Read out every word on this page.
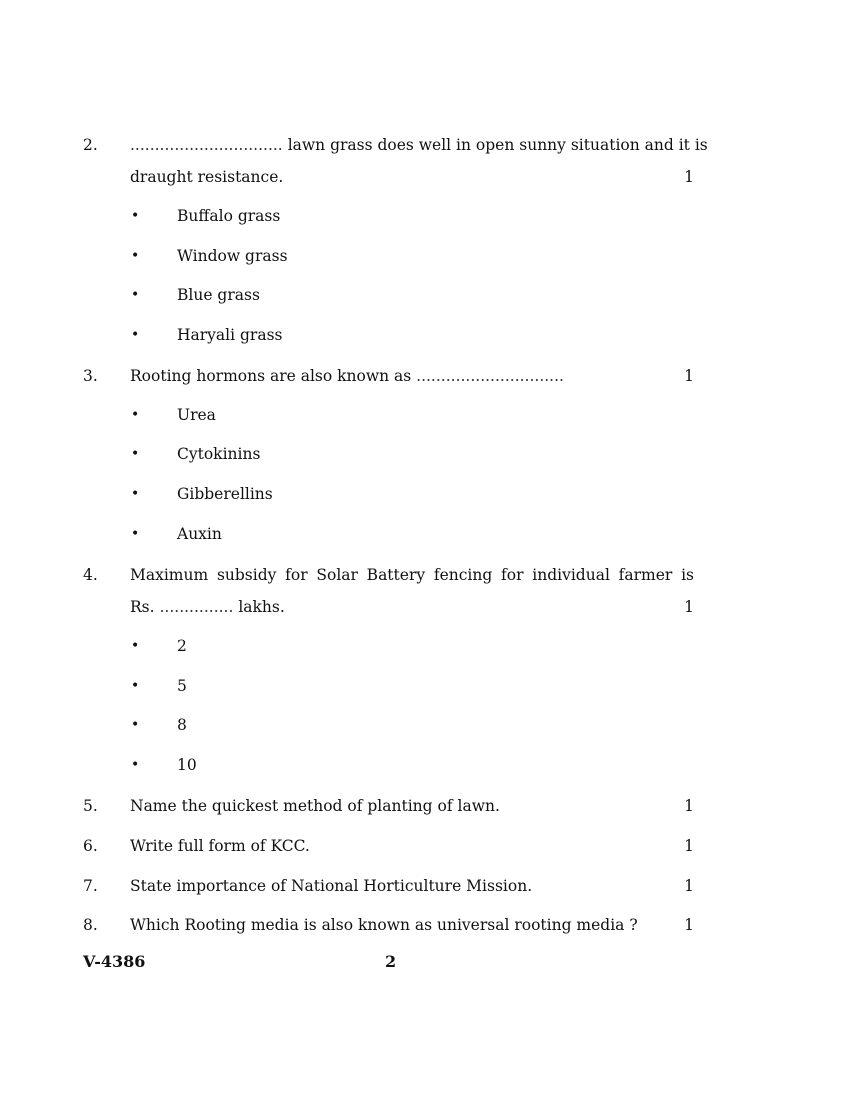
2. ............................... lawn grass does well in open sunny situation and it is
draught resistance.	1
• Buffalo grass
• Window grass
• Blue grass
• Haryali grass
3. Rooting hormons are also known as ..............................	1
• Urea
• Cytokinins
• Gibberellins
• Auxin
4. Maximum subsidy for Solar Battery fencing for individual farmer is
Rs. ............... lakhs.	1
• 2
• 5
• 8
• 10
5. Name the quickest method of planting of lawn.	1
6. Write full form of KCC.	1
7. State importance of National Horticulture Mission.	1
8. Which Rooting media is also known as universal rooting media ?	1
V-4386	2
